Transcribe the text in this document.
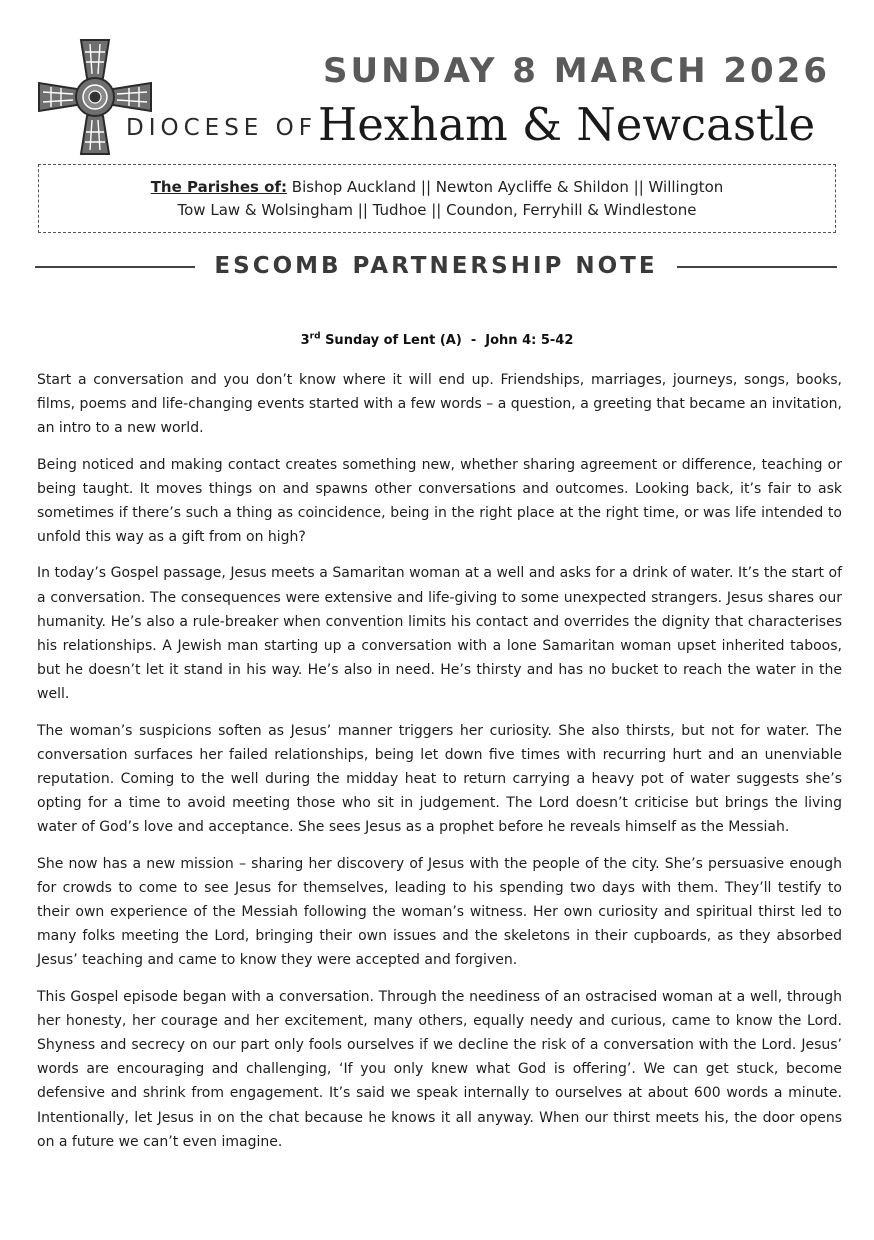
SUNDAY 8 MARCH 2026
DIOCESE OF Hexham & Newcastle
The Parishes of: Bishop Auckland || Newton Aycliffe & Shildon || Willington
Tow Law & Wolsingham || Tudhoe || Coundon, Ferryhill & Windlestone
ESCOMB PARTNERSHIP NOTE
3rd Sunday of Lent (A)  -  John 4: 5-42

Start a conversation and you don’t know where it will end up. Friendships, marriages, journeys, songs, books, films, poems and life-changing events started with a few words – a question, a greeting that became an invitation, an intro to a new world.

Being noticed and making contact creates something new, whether sharing agreement or difference, teaching or being taught. It moves things on and spawns other conversations and outcomes. Looking back, it’s fair to ask sometimes if there’s such a thing as coincidence, being in the right place at the right time, or was life intended to unfold this way as a gift from on high?

In today’s Gospel passage, Jesus meets a Samaritan woman at a well and asks for a drink of water. It’s the start of a conversation. The consequences were extensive and life-giving to some unexpected strangers. Jesus shares our humanity. He’s also a rule-breaker when convention limits his contact and overrides the dignity that characterises his relationships. A Jewish man starting up a conversation with a lone Samaritan woman upset inherited taboos, but he doesn’t let it stand in his way. He’s also in need. He’s thirsty and has no bucket to reach the water in the well.

The woman’s suspicions soften as Jesus’ manner triggers her curiosity. She also thirsts, but not for water. The conversation surfaces her failed relationships, being let down five times with recurring hurt and an unenviable reputation. Coming to the well during the midday heat to return carrying a heavy pot of water suggests she’s opting for a time to avoid meeting those who sit in judgement. The Lord doesn’t criticise but brings the living water of God’s love and acceptance. She sees Jesus as a prophet before he reveals himself as the Messiah.

She now has a new mission – sharing her discovery of Jesus with the people of the city. She’s persuasive enough for crowds to come to see Jesus for themselves, leading to his spending two days with them. They’ll testify to their own experience of the Messiah following the woman’s witness. Her own curiosity and spiritual thirst led to many folks meeting the Lord, bringing their own issues and the skeletons in their cupboards, as they absorbed Jesus’ teaching and came to know they were accepted and forgiven.

This Gospel episode began with a conversation. Through the neediness of an ostracised woman at a well, through her honesty, her courage and her excitement, many others, equally needy and curious, came to know the Lord. Shyness and secrecy on our part only fools ourselves if we decline the risk of a conversation with the Lord. Jesus’ words are encouraging and challenging, ‘If you only knew what God is offering’. We can get stuck, become defensive and shrink from engagement. It’s said we speak internally to ourselves at about 600 words a minute. Intentionally, let Jesus in on the chat because he knows it all anyway. When our thirst meets his, the door opens on a future we can’t even imagine.
